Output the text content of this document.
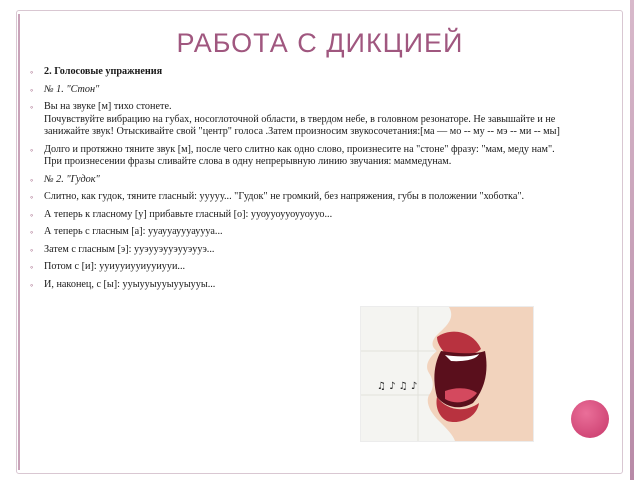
РАБОТА С ДИКЦИЕЙ
◦ 2. Голосовые упражнения
◦ № 1. "Стон"
◦ Вы на звуке [м] тихо стонете.
Почувствуйте вибрацию на губах, носоглоточной области, в твердом небе, в головном резонаторе. Не завышайте и не занижайте звук! Отыскивайте свой "центр" голоса .Затем произносим звукосочетания:[ма — мо -- му -- мэ -- ми -- мы]
◦ Долго и протяжно тяните звук [м], после чего слитно как одно слово, произнесите на "стоне" фразу: "мам, меду нам". При произнесении фразы сливайте слова в одну непрерывную линию звучания: маммедунам.
◦ № 2. "Гудок"
◦ Слитно, как гудок, тяните гласный: ууууу... "Гудок" не громкий, без напряжения, губы в положении "хоботка".
◦ А теперь к гласному [у] прибавьте гласный [о]: ууоууоууоууоууо...
◦ А теперь с гласным [а]: ууаууауууауууа...
◦ Затем с гласным [э]: ууэууэууэууэууэ...
◦ Потом с [и]: ууиууиууиууиууи...
◦ И, наконец, с [ы]: ууыууыууыууыууы...
♫ ♪ ♫ ♪
